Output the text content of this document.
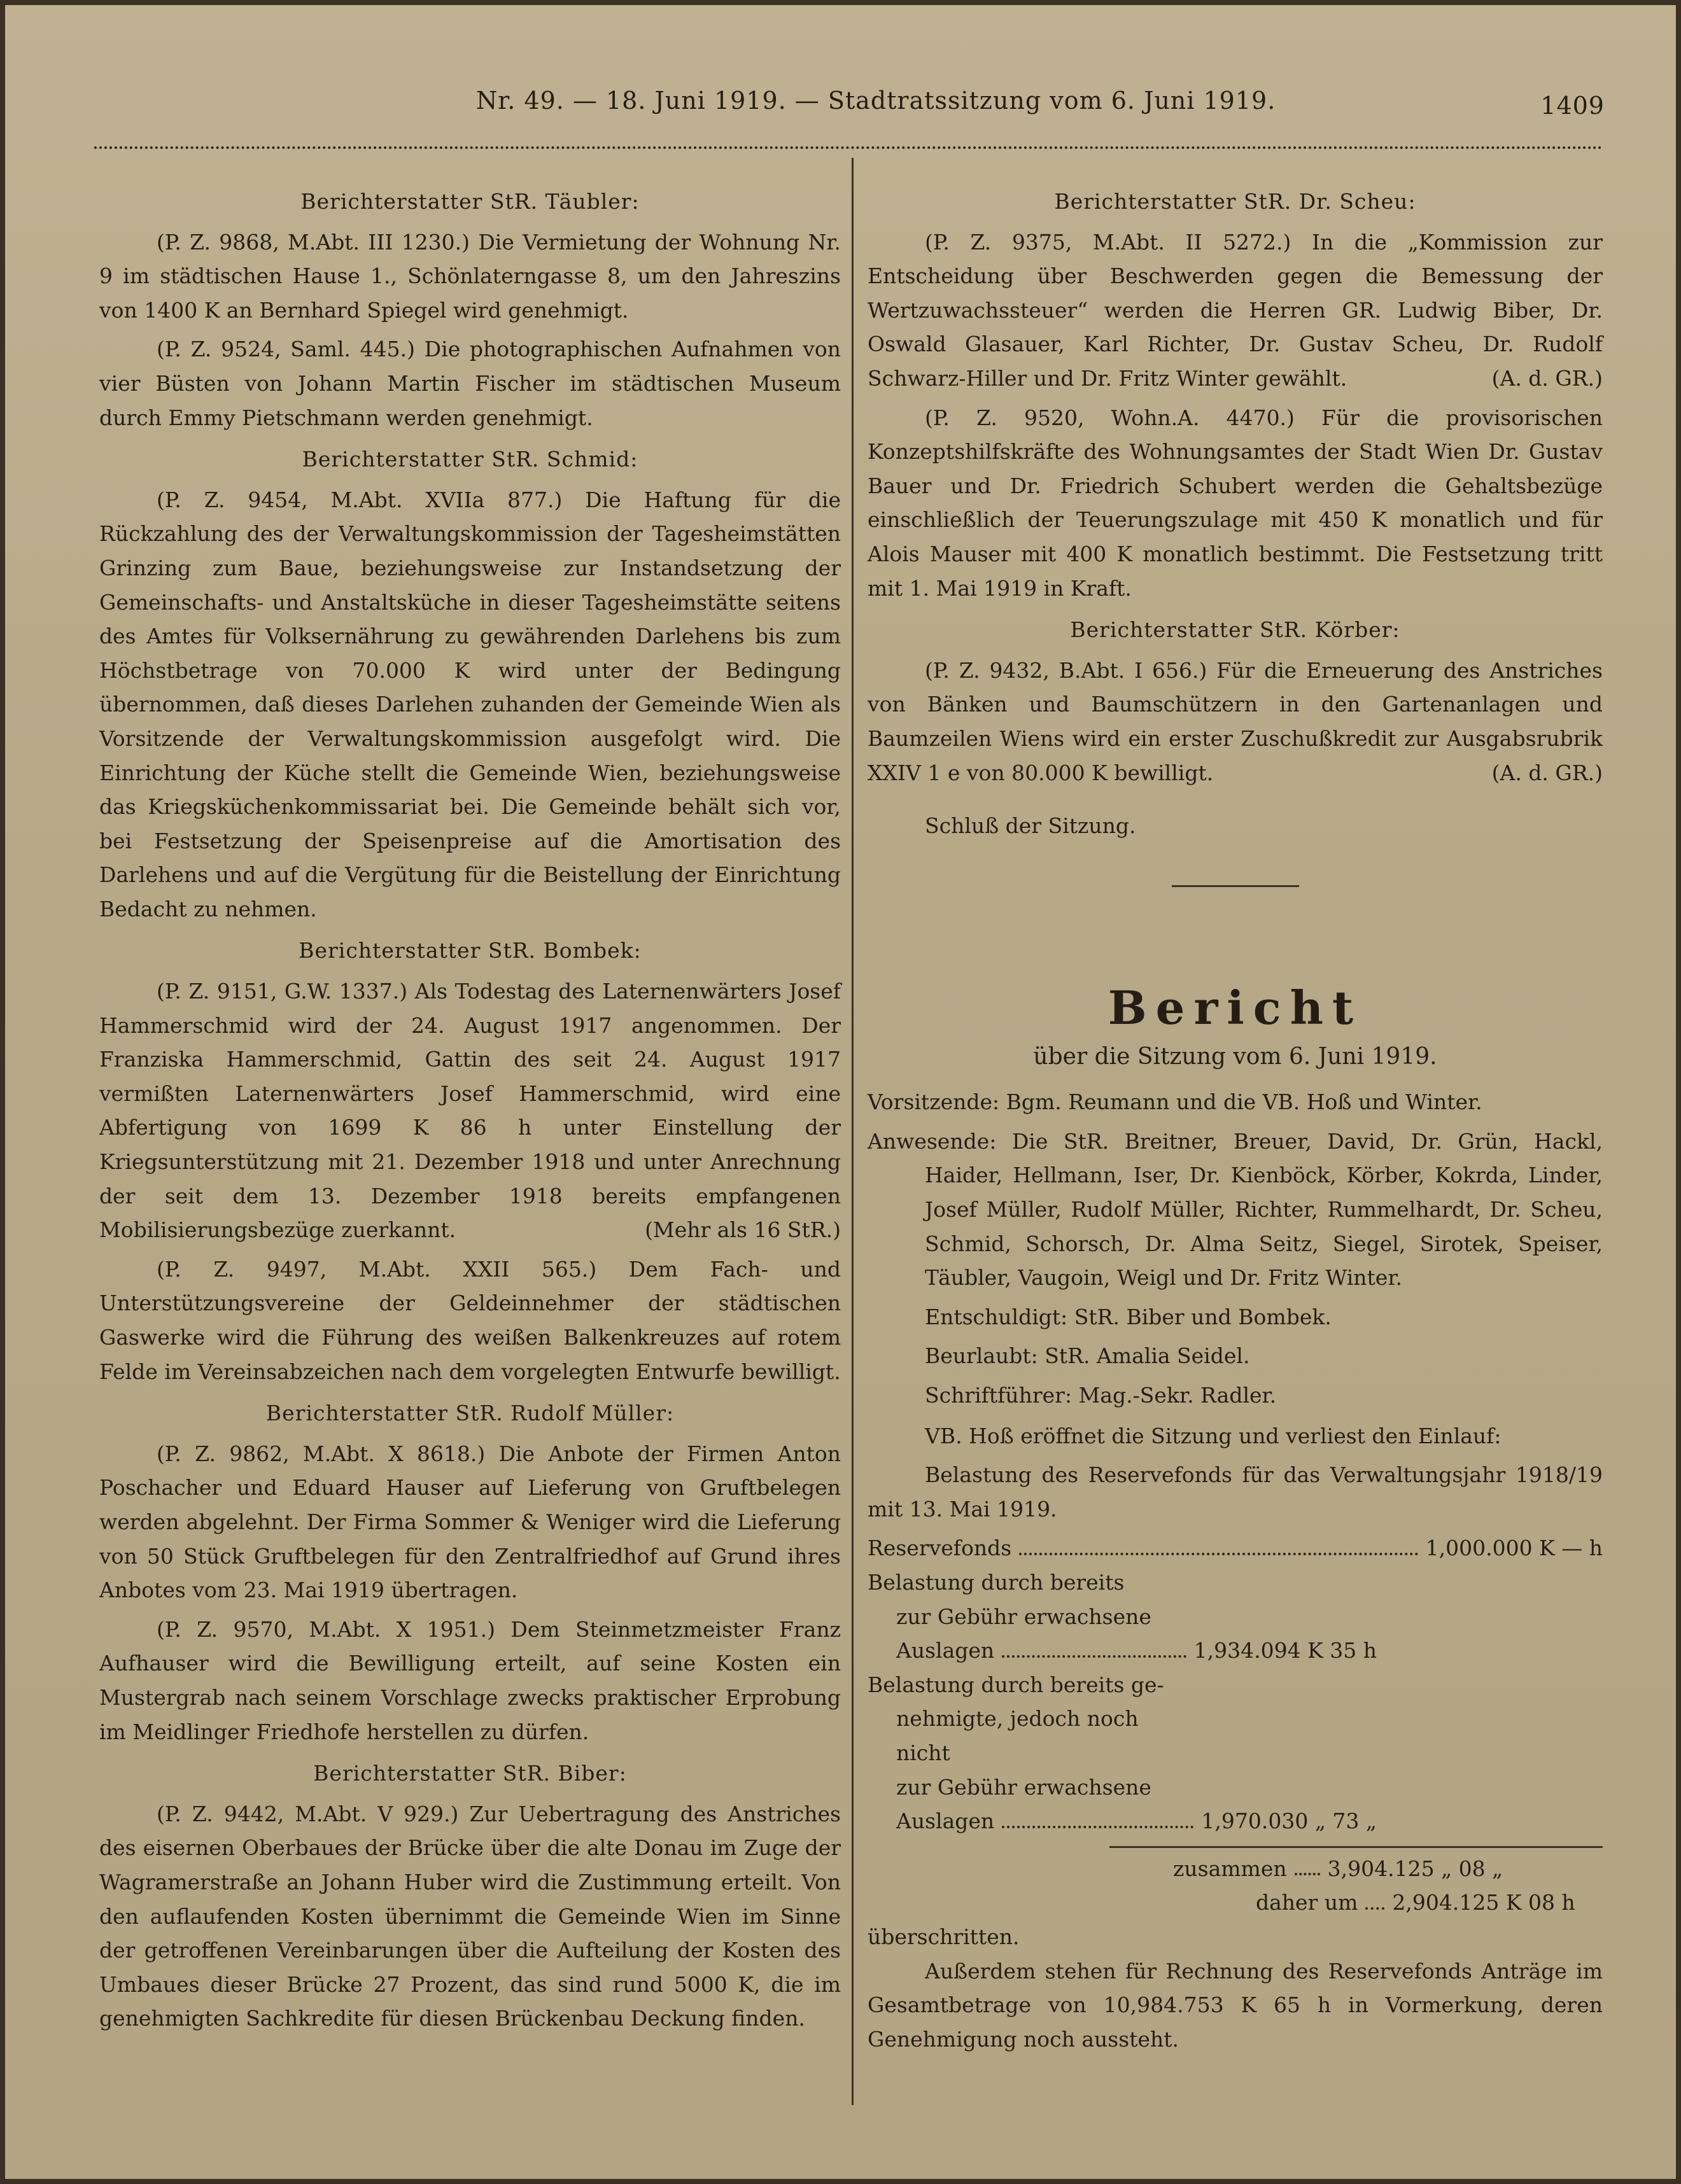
Nr. 49. — 18. Juni 1919. — Stadtratssitzung vom 6. Juni 1919.	1409
Berichterstatter StR. Täubler:

(P. Z. 9868, M.Abt. III 1230.) Die Vermietung der Wohnung Nr. 9 im städtischen Hause 1., Schönlaterngasse 8, um den Jahreszins von 1400 K an Bernhard Spiegel wird genehmigt.

(P. Z. 9524, Saml. 445.) Die photographischen Aufnahmen von vier Büsten von Johann Martin Fischer im städtischen Museum durch Emmy Pietschmann werden genehmigt.

Berichterstatter StR. Schmid:

(P. Z. 9454, M.Abt. XVIIa 877.) Die Haftung für die Rückzahlung des der Verwaltungskommission der Tagesheimstätten Grinzing zum Baue, beziehungsweise zur Instandsetzung der Gemeinschafts- und Anstaltsküche in dieser Tagesheimstätte seitens des Amtes für Volksernährung zu gewährenden Darlehens bis zum Höchstbetrage von 70.000 K wird unter der Bedingung übernommen, daß dieses Darlehen zuhanden der Gemeinde Wien als Vorsitzende der Verwaltungskommission ausgefolgt wird. Die Einrichtung der Küche stellt die Gemeinde Wien, beziehungsweise das Kriegsküchenkommissariat bei. Die Gemeinde behält sich vor, bei Festsetzung der Speisenpreise auf die Amortisation des Darlehens und auf die Vergütung für die Beistellung der Einrichtung Bedacht zu nehmen.

Berichterstatter StR. Bombek:

(P. Z. 9151, G.W. 1337.) Als Todestag des Laternenwärters Josef Hammerschmid wird der 24. August 1917 angenommen. Der Franziska Hammerschmid, Gattin des seit 24. August 1917 vermißten Laternenwärters Josef Hammerschmid, wird eine Abfertigung von 1699 K 86 h unter Einstellung der Kriegsunterstützung mit 21. Dezember 1918 und unter Anrechnung der seit dem 13. Dezember 1918 bereits empfangenen Mobilisierungsbezüge zuerkannt.	(Mehr als 16 StR.)

(P. Z. 9497, M.Abt. XXII 565.) Dem Fach- und Unterstützungsvereine der Geldeinnehmer der städtischen Gaswerke wird die Führung des weißen Balkenkreuzes auf rotem Felde im Vereinsabzeichen nach dem vorgelegten Entwurfe bewilligt.

Berichterstatter StR. Rudolf Müller:

(P. Z. 9862, M.Abt. X 8618.) Die Anbote der Firmen Anton Poschacher und Eduard Hauser auf Lieferung von Gruftbelegen werden abgelehnt. Der Firma Sommer & Weniger wird die Lieferung von 50 Stück Gruftbelegen für den Zentralfriedhof auf Grund ihres Anbotes vom 23. Mai 1919 übertragen.

(P. Z. 9570, M.Abt. X 1951.) Dem Steinmetzmeister Franz Aufhauser wird die Bewilligung erteilt, auf seine Kosten ein Mustergrab nach seinem Vorschlage zwecks praktischer Erprobung im Meidlinger Friedhofe herstellen zu dürfen.

Berichterstatter StR. Biber:

(P. Z. 9442, M.Abt. V 929.) Zur Uebertragung des Anstriches des eisernen Oberbaues der Brücke über die alte Donau im Zuge der Wagramerstraße an Johann Huber wird die Zustimmung erteilt. Von den auflaufenden Kosten übernimmt die Gemeinde Wien im Sinne der getroffenen Vereinbarungen über die Aufteilung der Kosten des Umbaues dieser Brücke 27 Prozent, das sind rund 5000 K, die im genehmigten Sachkredite für diesen Brückenbau Deckung finden.

Berichterstatter StR. Dr. Scheu:

(P. Z. 9375, M.Abt. II 5272.) In die „Kommission zur Entscheidung über Beschwerden gegen die Bemessung der Wertzuwachssteuer“ werden die Herren GR. Ludwig Biber, Dr. Oswald Glasauer, Karl Richter, Dr. Gustav Scheu, Dr. Rudolf Schwarz-Hiller und Dr. Fritz Winter gewählt.	(A. d. GR.)

(P. Z. 9520, Wohn.A. 4470.) Für die provisorischen Konzeptshilfskräfte des Wohnungsamtes der Stadt Wien Dr. Gustav Bauer und Dr. Friedrich Schubert werden die Gehaltsbezüge einschließlich der Teuerungszulage mit 450 K monatlich und für Alois Mauser mit 400 K monatlich bestimmt. Die Festsetzung tritt mit 1. Mai 1919 in Kraft.

Berichterstatter StR. Körber:

(P. Z. 9432, B.Abt. I 656.) Für die Erneuerung des Anstriches von Bänken und Baumschützern in den Gartenanlagen und Baumzeilen Wiens wird ein erster Zuschußkredit zur Ausgabsrubrik XXIV 1 e von 80.000 K bewilligt.	(A. d. GR.)

Schluß der Sitzung.

Bericht
über die Sitzung vom 6. Juni 1919.

Vorsitzende: Bgm. Reumann und die VB. Hoß und Winter.

Anwesende: Die StR. Breitner, Breuer, David, Dr. Grün, Hackl, Haider, Hellmann, Iser, Dr. Kienböck, Körber, Kokrda, Linder, Josef Müller, Rudolf Müller, Richter, Rummelhardt, Dr. Scheu, Schmid, Schorsch, Dr. Alma Seitz, Siegel, Sirotek, Speiser, Täubler, Vaugoin, Weigl und Dr. Fritz Winter.

Entschuldigt: StR. Biber und Bombek.

Beurlaubt: StR. Amalia Seidel.

Schriftführer: Mag.-Sekr. Radler.

VB. Hoß eröffnet die Sitzung und verliest den Einlauf:

Belastung des Reservefonds für das Verwaltungsjahr 1918/19 mit 13. Mai 1919.

Reservefonds	1,000.000 K — h
Belastung durch bereits
zur Gebühr erwachsene
Auslagen	1,934.094 K 35 h
Belastung durch bereits ge-
nehmigte, jedoch noch nicht
zur Gebühr erwachsene
Auslagen	1,970.030 „ 73 „
zusammen 3,904.125 „ 08 „
daher um 2,904.125 K 08 h
überschritten.

Außerdem stehen für Rechnung des Reservefonds Anträge im Gesamtbetrage von 10,984.753 K 65 h in Vormerkung, deren Genehmigung noch aussteht.
